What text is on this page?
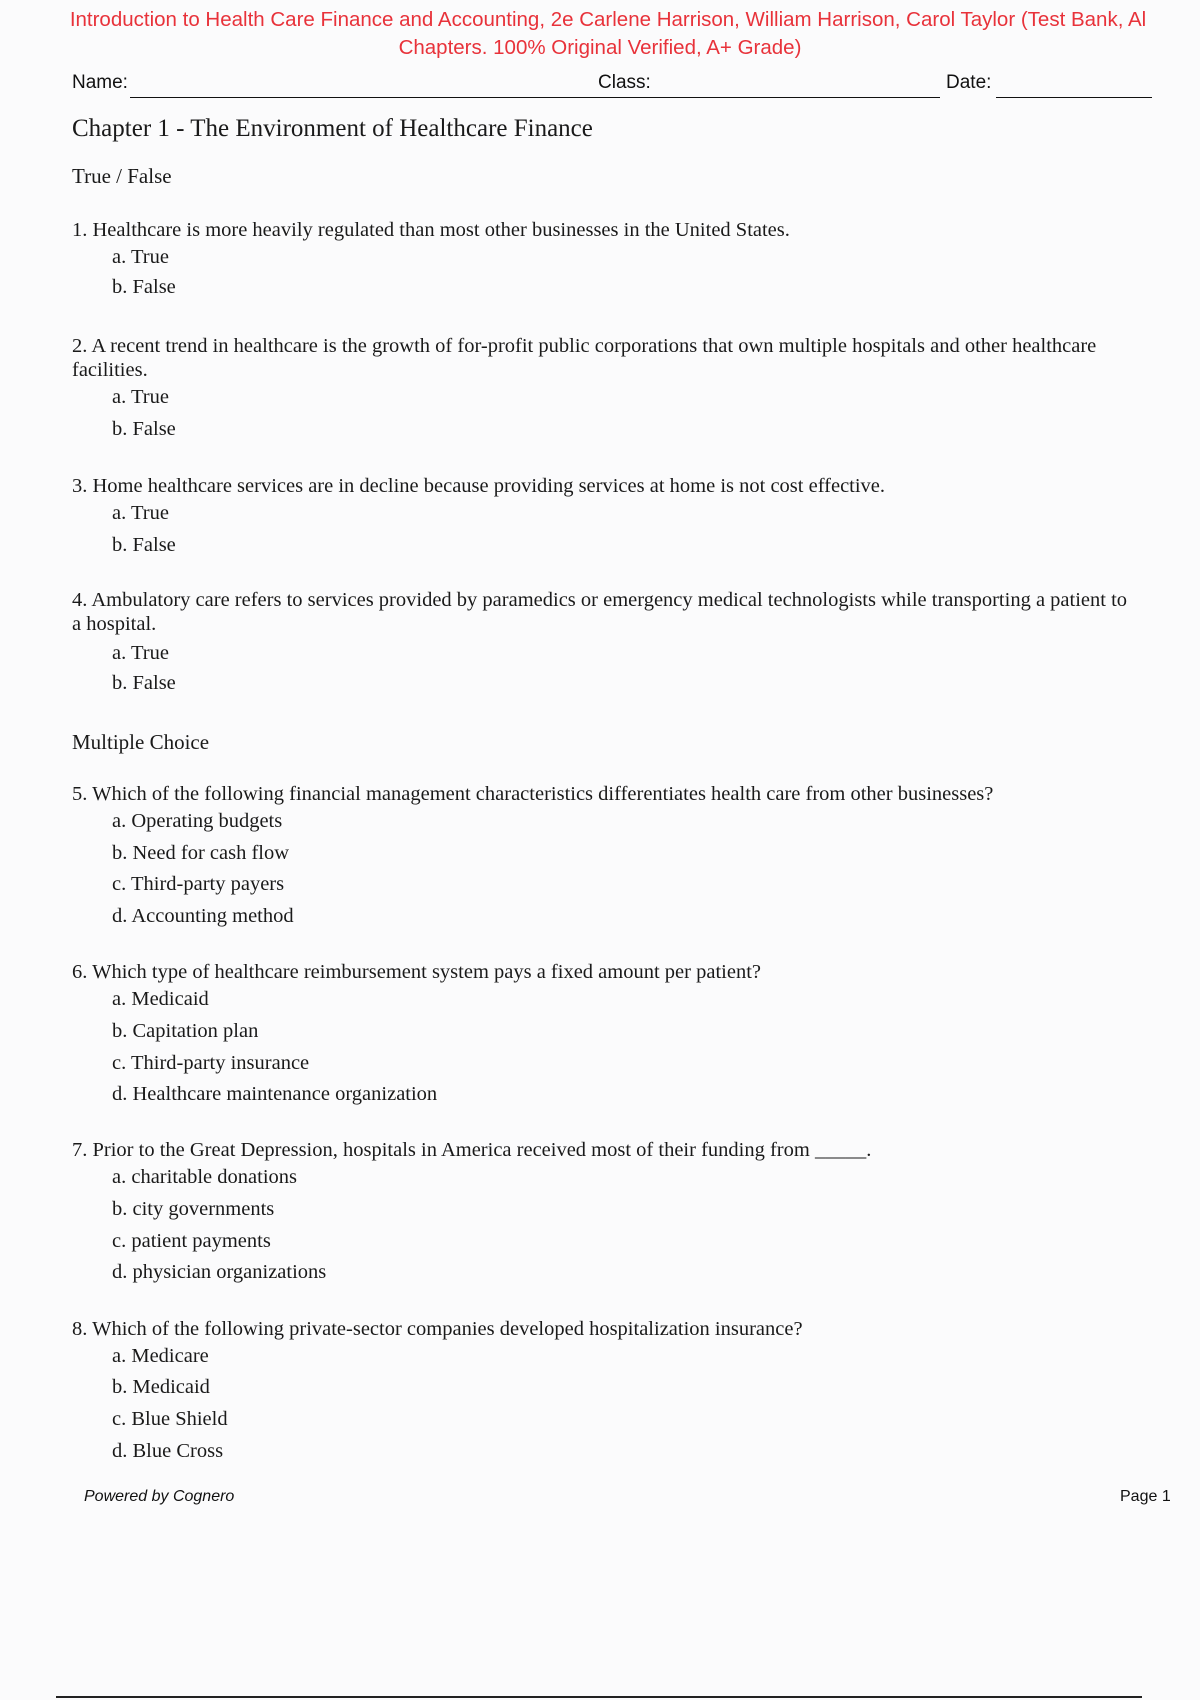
Introduction to Health Care Finance and Accounting, 2e Carlene Harrison, William Harrison, Carol Taylor (Test Bank, Al
Chapters. 100% Original Verified, A+ Grade)
Name:	Class:	Date:
Chapter 1 - The Environment of Healthcare Finance
True / False
1. Healthcare is more heavily regulated than most other businesses in the United States.
a. True
b. False
2. A recent trend in healthcare is the growth of for-profit public corporations that own multiple hospitals and other healthcare facilities.
a. True
b. False
3. Home healthcare services are in decline because providing services at home is not cost effective.
a. True
b. False
4. Ambulatory care refers to services provided by paramedics or emergency medical technologists while transporting a patient to a hospital.
a. True
b. False
Multiple Choice
5. Which of the following financial management characteristics differentiates health care from other businesses?
a. Operating budgets
b. Need for cash flow
c. Third-party payers
d. Accounting method
6. Which type of healthcare reimbursement system pays a fixed amount per patient?
a. Medicaid
b. Capitation plan
c. Third-party insurance
d. Healthcare maintenance organization
7. Prior to the Great Depression, hospitals in America received most of their funding from _____.
a. charitable donations
b. city governments
c. patient payments
d. physician organizations
8. Which of the following private-sector companies developed hospitalization insurance?
a. Medicare
b. Medicaid
c. Blue Shield
d. Blue Cross
Powered by Cognero	Page 1
